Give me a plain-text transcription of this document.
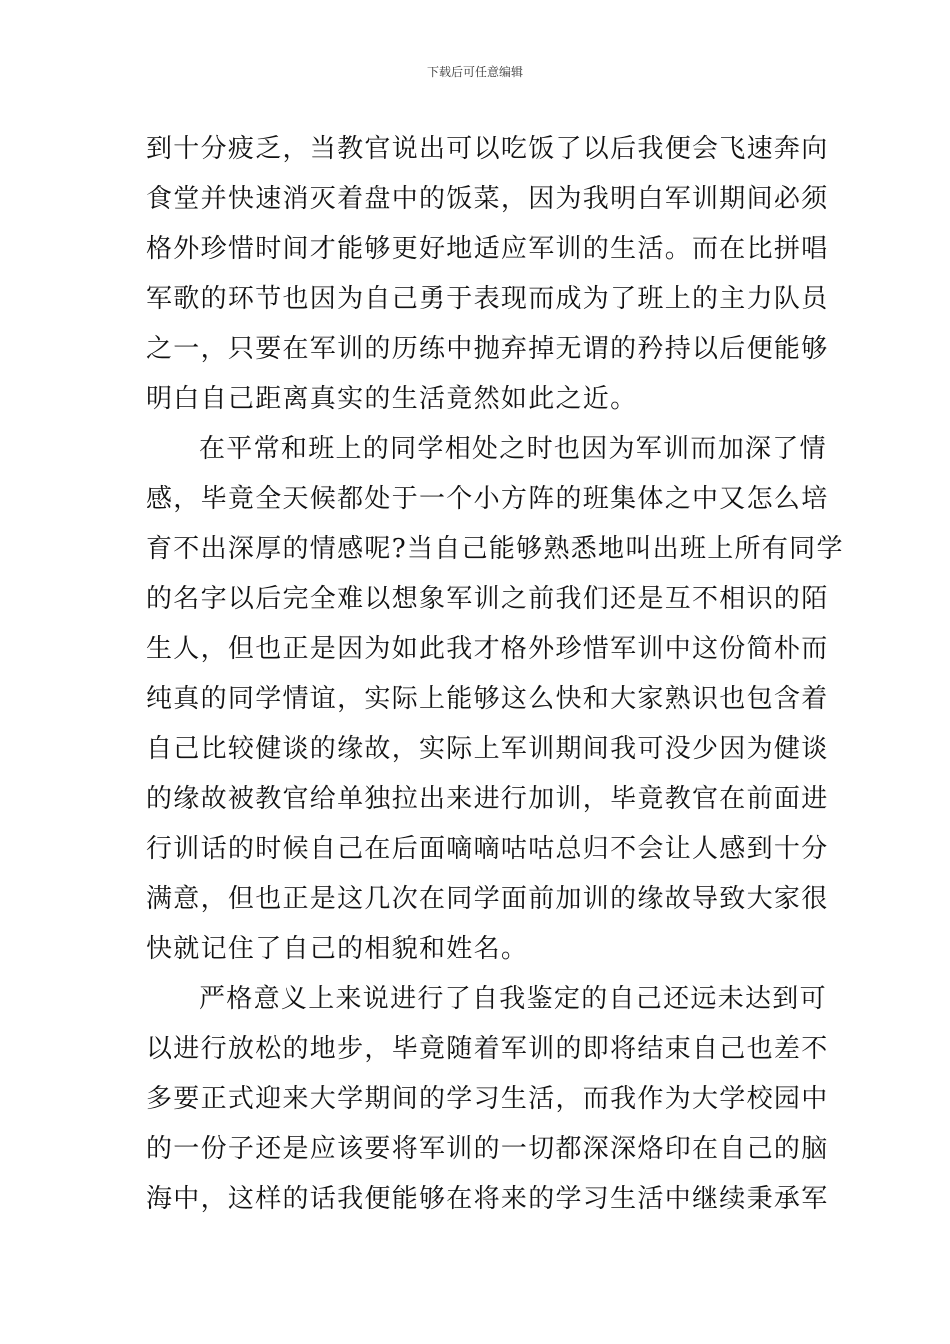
下载后可任意编辑
到十分疲乏，当教官说出可以吃饭了以后我便会飞速奔向
食堂并快速消灭着盘中的饭菜，因为我明白军训期间必须
格外珍惜时间才能够更好地适应军训的生活。而在比拼唱
军歌的环节也因为自己勇于表现而成为了班上的主力队员
之一，只要在军训的历练中抛弃掉无谓的矜持以后便能够
明白自己距离真实的生活竟然如此之近。
在平常和班上的同学相处之时也因为军训而加深了情
感，毕竟全天候都处于一个小方阵的班集体之中又怎么培
育不出深厚的情感呢?当自己能够熟悉地叫出班上所有同学
的名字以后完全难以想象军训之前我们还是互不相识的陌
生人，但也正是因为如此我才格外珍惜军训中这份简朴而
纯真的同学情谊，实际上能够这么快和大家熟识也包含着
自己比较健谈的缘故，实际上军训期间我可没少因为健谈
的缘故被教官给单独拉出来进行加训，毕竟教官在前面进
行训话的时候自己在后面嘀嘀咕咕总归不会让人感到十分
满意，但也正是这几次在同学面前加训的缘故导致大家很
快就记住了自己的相貌和姓名。
严格意义上来说进行了自我鉴定的自己还远未达到可
以进行放松的地步，毕竟随着军训的即将结束自己也差不
多要正式迎来大学期间的学习生活，而我作为大学校园中
的一份子还是应该要将军训的一切都深深烙印在自己的脑
海中，这样的话我便能够在将来的学习生活中继续秉承军
